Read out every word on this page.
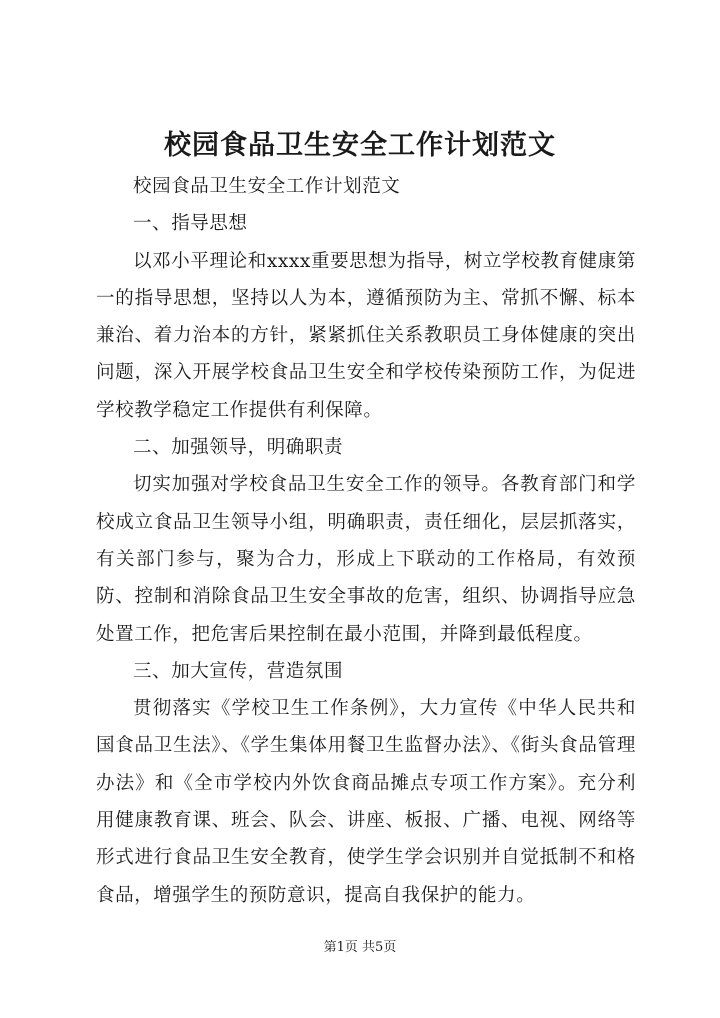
校园食品卫生安全工作计划范文

校园食品卫生安全工作计划范文

一、指导思想

以邓小平理论和xxxx重要思想为指导，树立学校教育健康第一的指导思想，坚持以人为本，遵循预防为主、常抓不懈、标本兼治、着力治本的方针，紧紧抓住关系教职员工身体健康的突出问题，深入开展学校食品卫生安全和学校传染预防工作，为促进学校教学稳定工作提供有利保障。

二、加强领导，明确职责

切实加强对学校食品卫生安全工作的领导。各教育部门和学校成立食品卫生领导小组，明确职责，责任细化，层层抓落实，有关部门参与，聚为合力，形成上下联动的工作格局，有效预防、控制和消除食品卫生安全事故的危害，组织、协调指导应急处置工作，把危害后果控制在最小范围，并降到最低程度。

三、加大宣传，营造氛围

贯彻落实《学校卫生工作条例》，大力宣传《中华人民共和国食品卫生法》、《学生集体用餐卫生监督办法》、《街头食品管理办法》和《全市学校内外饮食商品摊点专项工作方案》。充分利用健康教育课、班会、队会、讲座、板报、广播、电视、网络等形式进行食品卫生安全教育，使学生学会识别并自觉抵制不和格食品，增强学生的预防意识，提高自我保护的能力。

第1页 共5页
